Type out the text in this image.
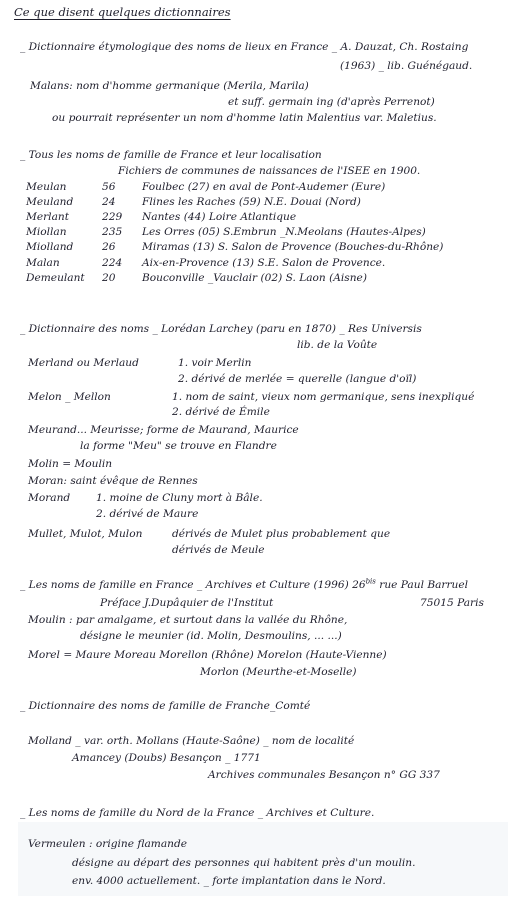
Ce que disent quelques dictionnaires
_ Dictionnaire étymologique des noms de lieux en France _ A. Dauzat, Ch. Rostaing
(1963) _ lib. Guénégaud.
Malans: nom d'homme germanique (Merila, Marila)
et suff. germain ing (d'après Perrenot)
ou pourrait représenter un nom d'homme latin Malentius var. Maletius.
_ Tous les noms de famille de France et leur localisation
Fichiers de communes de naissances de l'ISEE en 1900.
Meulan	56	Foulbec (27) en aval de Pont-Audemer (Eure)
Meuland	24	Flines les Raches (59) N.E. Douai (Nord)
Merlant	229	Nantes (44) Loire Atlantique
Miollan	235	Les Orres (05) S.Embrun _N.Meolans (Hautes-Alpes)
Miolland	26	Miramas (13) S. Salon de Provence (Bouches-du-Rhône)
Malan	224	Aix-en-Provence (13) S.E. Salon de Provence.
Demeulant	20	Bouconville _Vauclair (02) S. Laon (Aisne)
_ Dictionnaire des noms _ Lorédan Larchey (paru en 1870) _ Res Universis
lib. de la Voûte
Merland ou Merlaud	1. voir Merlin
2. dérivé de merlée = querelle (langue d'oïl)
Melon _ Mellon	1. nom de saint, vieux nom germanique, sens inexpliqué
2. dérivé de Émile
Meurand... Meurisse; forme de Maurand, Maurice
la forme "Meu" se trouve en Flandre
Molin = Moulin
Moran: saint évêque de Rennes
Morand 1. moine de Cluny mort à Bâle.
2. dérivé de Maure
Mullet, Mulot, Mulon	dérivés de Mulet plus probablement que
dérivés de Meule
_ Les noms de famille en France _ Archives et Culture (1996) $26^{bis}$ rue Paul Barruel
Préface J.Dupâquier de l'Institut	75015 Paris
Moulin : par amalgame, et surtout dans la vallée du Rhône,
désigne le meunier (id. Molin, Desmoulins, ... ...)
Morel = Maure Moreau Morellon (Rhône) Morelon (Haute-Vienne)
Morlon (Meurthe-et-Moselle)
_ Dictionnaire des noms de famille de Franche_Comté
Molland _ var. orth. Mollans (Haute-Saône) _ nom de localité
Amancey (Doubs) Besançon _ 1771
Archives communales Besançon n° GG 337
_ Les noms de famille du Nord de la France _ Archives et Culture.
Vermeulen : origine flamande
désigne au départ des personnes qui habitent près d'un moulin.
env. 4000 actuellement. _ forte implantation dans le Nord.
